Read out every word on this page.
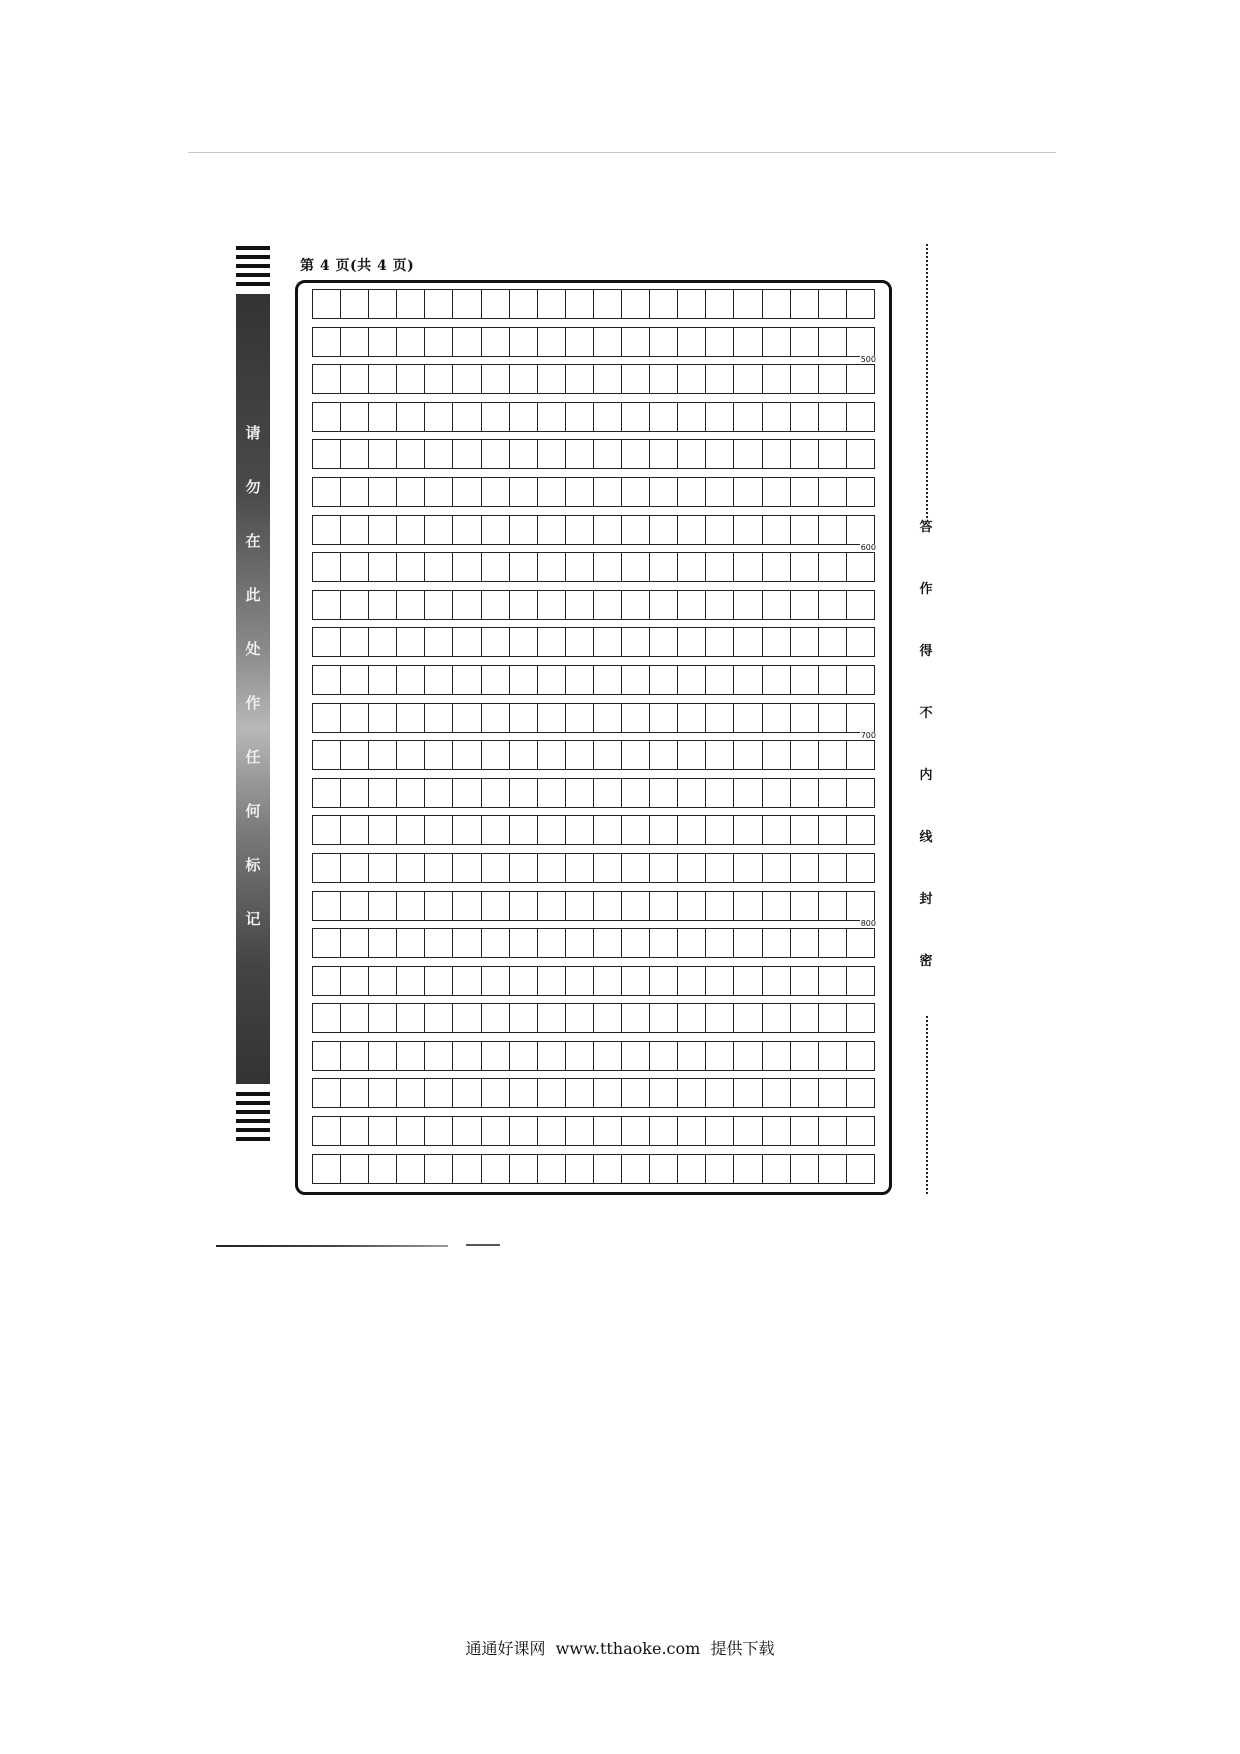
第 4 页(共 4 页)
请
勿
在
此
处
作
任
何
标
记
500
600
700
800
答
作
得
不
内
线
封
密
通通好课网  www.tthaoke.com  提供下载
